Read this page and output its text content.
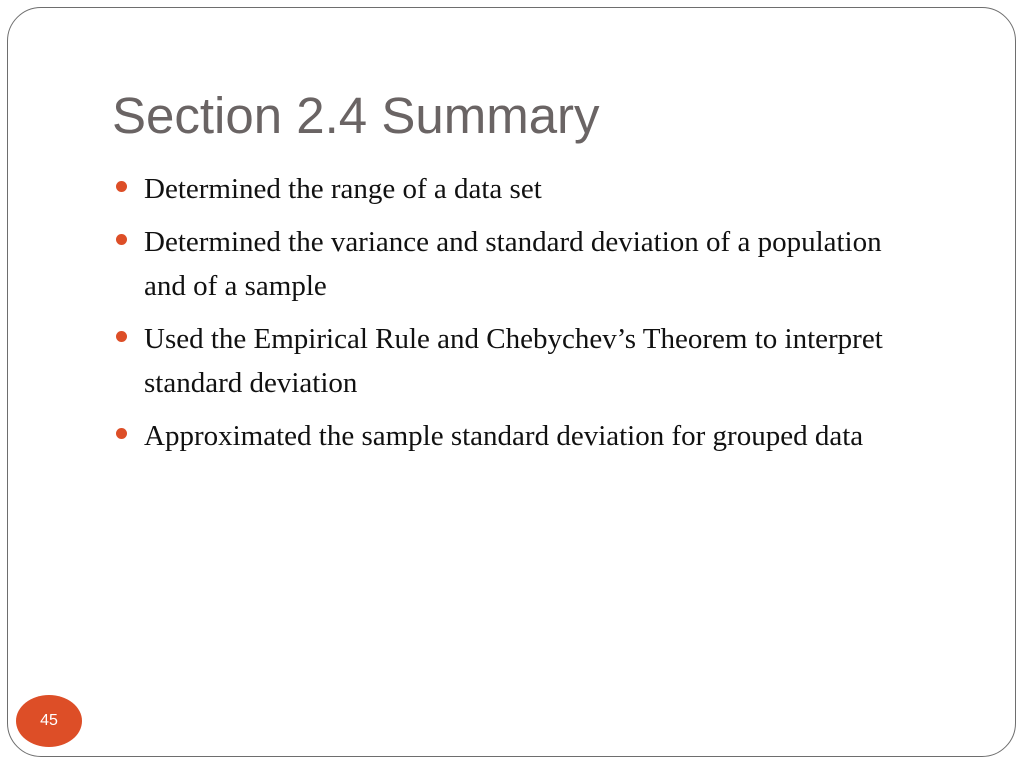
Section 2.4 Summary
Determined the range of a data set
Determined the variance and standard deviation of a population and of a sample
Used the Empirical Rule and Chebychev’s Theorem to interpret standard deviation
Approximated the sample standard deviation for grouped data
45
